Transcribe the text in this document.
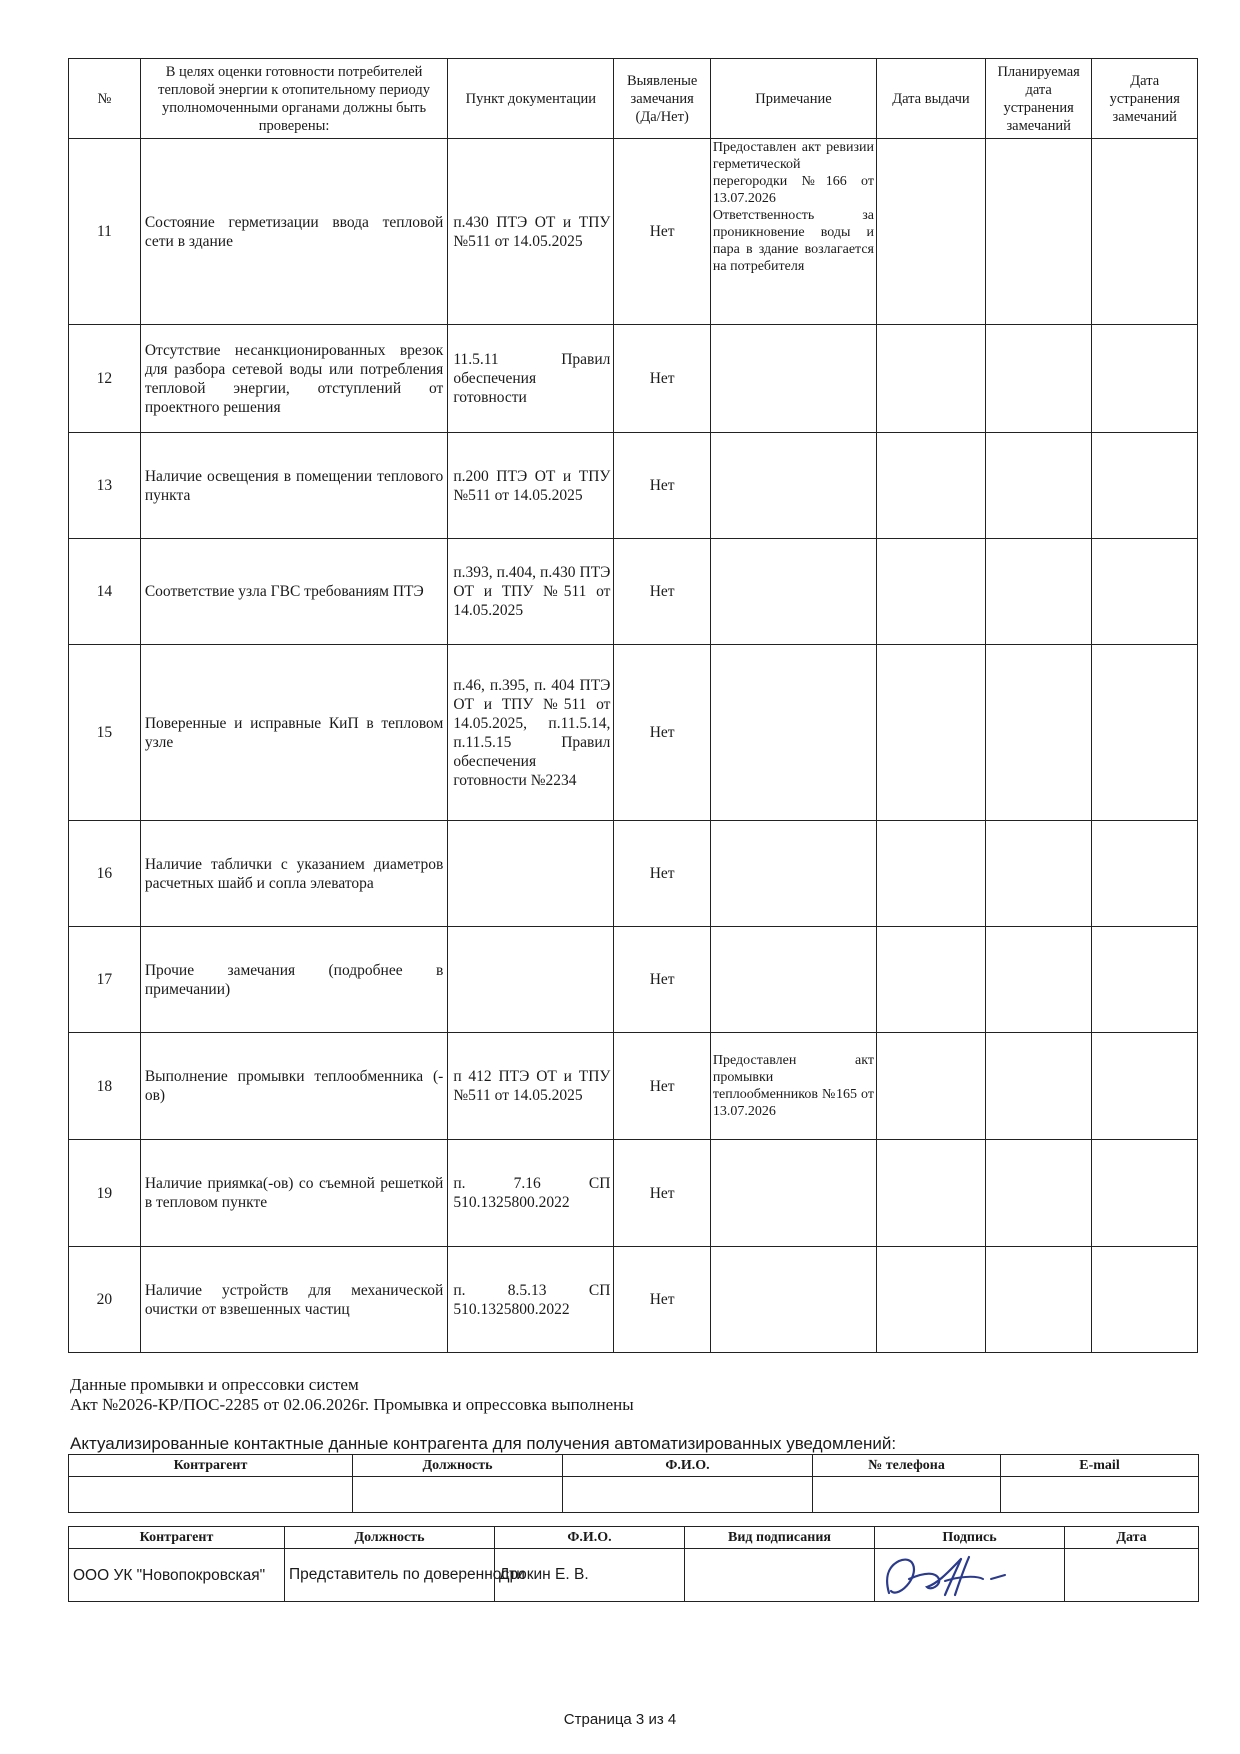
№	В целях оценки готовности потребителей тепловой энергии к отопительному периоду уполномоченными органами должны быть проверены:	Пункт документации	Выявленые замечания (Да/Нет)	Примечание	Дата выдачи	Планируемая дата устранения замечаний	Дата устранения замечаний
11	Состояние герметизации ввода тепловой сети в здание	п.430 ПТЭ ОТ и ТПУ №511 от 14.05.2025	Нет	Предоставлен акт ревизии герметической перегородки №166 от 13.07.2026 Ответственность за проникновение воды и пара в здание возлагается на потребителя			
12	Отсутствие несанкционированных врезок для разбора сетевой воды или потребления тепловой энергии, отступлений от проектного решения	11.5.11 Правил обеспечения готовности	Нет				
13	Наличие освещения в помещении теплового пункта	п.200 ПТЭ ОТ и ТПУ №511 от 14.05.2025	Нет				
14	Соответствие узла ГВС требованиям ПТЭ	п.393, п.404, п.430 ПТЭ ОТ и ТПУ №511 от 14.05.2025	Нет				
15	Поверенные и исправные КиП в тепловом узле	п.46, п.395, п. 404 ПТЭ ОТ и ТПУ №511 от 14.05.2025, п.11.5.14, п.11.5.15 Правил обеспечения готовности №2234	Нет				
16	Наличие таблички с указанием диаметров расчетных шайб и сопла элеватора		Нет				
17	Прочие замечания (подробнее в примечании)		Нет				
18	Выполнение промывки теплообменника (-ов)	п 412 ПТЭ ОТ и ТПУ №511 от 14.05.2025	Нет	Предоставлен акт промывки теплообменников №165 от 13.07.2026			
19	Наличие приямка(-ов) со съемной решеткой в тепловом пункте	п. 7.16 СП 510.1325800.2022	Нет				
20	Наличие устройств для механической очистки от взвешенных частиц	п. 8.5.13 СП 510.1325800.2022	Нет				
Данные промывки и опрессовки систем
Акт №2026-КР/ПОС-2285 от 02.06.2026г. Промывка и опрессовка выполнены
Актуализированные контактные данные контрагента для получения автоматизированных уведомлений:
Контрагент	Должность	Ф.И.О.	№ телефона	E-mail

Контрагент	Должность	Ф.И.О.	Вид подписания	Подпись	Дата
ООО УК "Новопокровская"	Представитель по доверенности	Дрокин Е. В.		

Страница 3 из 4
